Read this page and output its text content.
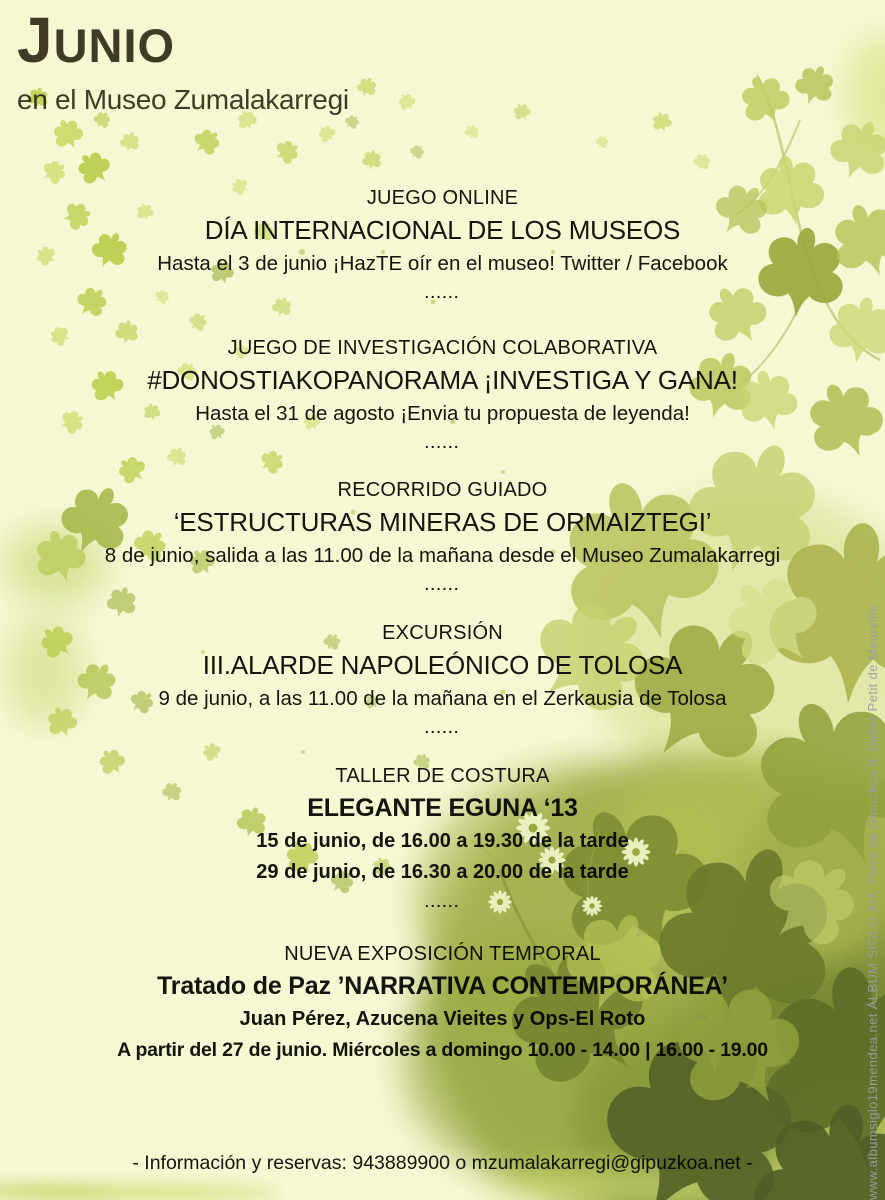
JUNIO
en el Museo Zumalakarregi
JUEGO ONLINE
DÍA INTERNACIONAL DE LOS MUSEOS
Hasta el 3 de junio ¡HazTE oír en el museo! Twitter / Facebook
......
JUEGO DE INVESTIGACIÓN COLABORATIVA
#DONOSTIAKOPANORAMA ¡INVESTIGA Y GANA!
Hasta el 31 de agosto ¡Envia tu propuesta de leyenda!
......
RECORRIDO GUIADO
‘ESTRUCTURAS MINERAS DE ORMAIZTEGI’
8 de junio, salida a las 11.00 de la mañana desde el Museo Zumalakarregi
......
EXCURSIÓN
III.ALARDE NAPOLEÓNICO DE TOLOSA
9 de junio, a las 11.00 de la mañana en el Zerkausia de Tolosa
......
TALLER DE COSTURA
ELEGANTE EGUNA ‘13
15 de junio, de 16.00 a 19.30 de la tarde
29 de junio, de 16.30 a 20.00 de la tarde
......
NUEVA EXPOSICIÓN TEMPORAL
Tratado de Paz ’NARRATIVA CONTEMPORÁNEA’
Juan Pérez, Azucena Vieites y Ops-El Roto
A partir del 27 de junio. Miércoles a domingo 10.00 - 14.00 | 16.00 - 19.00
- Información y reservas: 943889900 o mzumalakarregi@gipuzkoa.net -	www.albumsiglo19mendea.net ÁLBUM SIGLO XIX 'Flora de Gipuzkoa II' Didier Petit de Meurville
